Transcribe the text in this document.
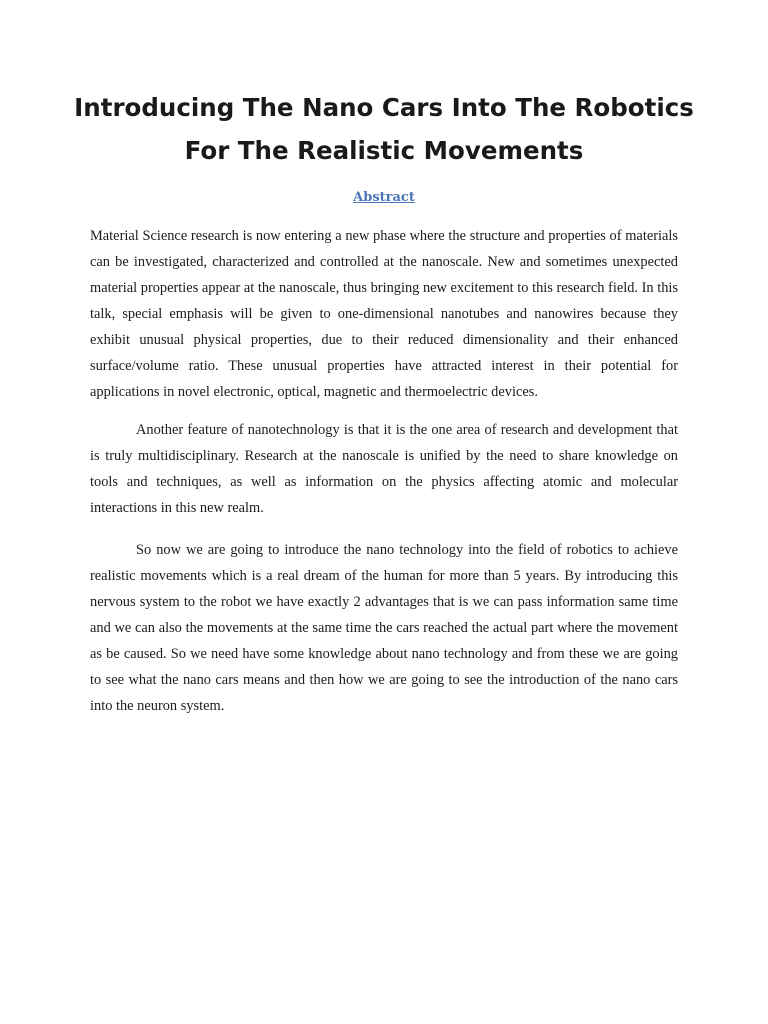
Introducing The Nano Cars Into The Robotics For The Realistic Movements
Abstract

Material Science research is now entering a new phase where the structure and properties of materials can be investigated, characterized and controlled at the nanoscale. New and sometimes unexpected material properties appear at the nanoscale, thus bringing new excitement to this research field. In this talk, special emphasis will be given to one-dimensional nanotubes and nanowires because they exhibit unusual physical properties, due to their reduced dimensionality and their enhanced surface/volume ratio. These unusual properties have attracted interest in their potential for applications in novel electronic, optical, magnetic and thermoelectric devices.

Another feature of nanotechnology is that it is the one area of research and development that is truly multidisciplinary. Research at the nanoscale is unified by the need to share knowledge on tools and techniques, as well as information on the physics affecting atomic and molecular interactions in this new realm.

So now we are going to introduce the nano technology into the field of robotics to achieve realistic movements which is a real dream of the human for more than 5 years. By introducing this nervous system to the robot we have exactly 2 advantages that is we can pass information same time and we can also the movements at the same time the cars reached the actual part where the movement as be caused. So we need have some knowledge about nano technology and from these we are going to see what the nano cars means and then how we are going to see the introduction of the nano cars into the neuron system.
